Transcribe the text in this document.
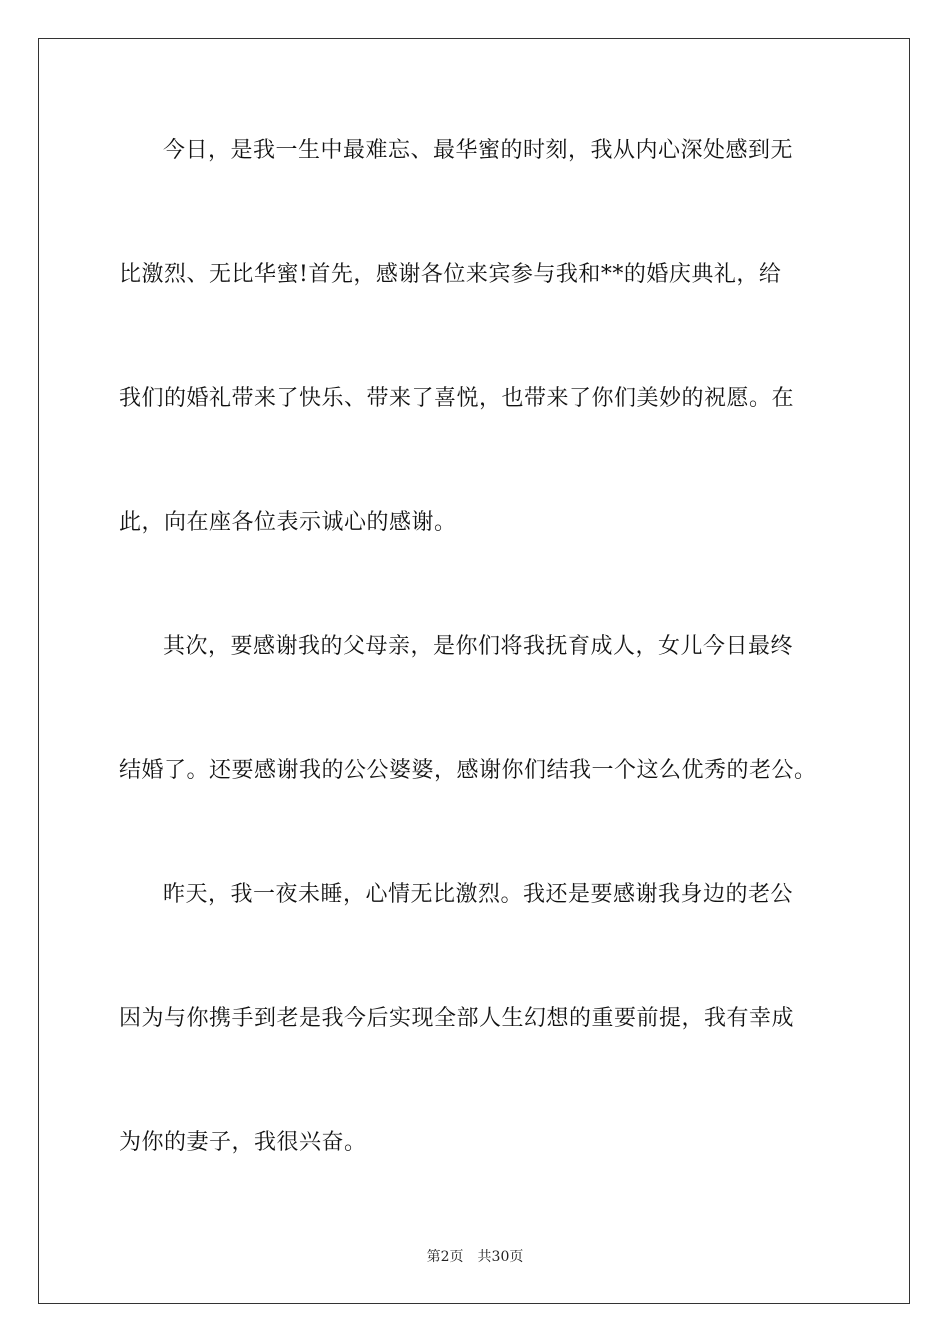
今日，是我一生中最难忘、最华蜜的时刻，我从内心深处感到无
比激烈、无比华蜜!首先，感谢各位来宾参与我和**的婚庆典礼，给
我们的婚礼带来了快乐、带来了喜悦，也带来了你们美妙的祝愿。在
此，向在座各位表示诚心的感谢。
其次，要感谢我的父母亲，是你们将我抚育成人，女儿今日最终
结婚了。还要感谢我的公公婆婆，感谢你们结我一个这么优秀的老公。
昨天，我一夜未睡，心情无比激烈。我还是要感谢我身边的老公
因为与你携手到老是我今后实现全部人生幻想的重要前提，我有幸成
为你的妻子，我很兴奋。
第2页 共30页
